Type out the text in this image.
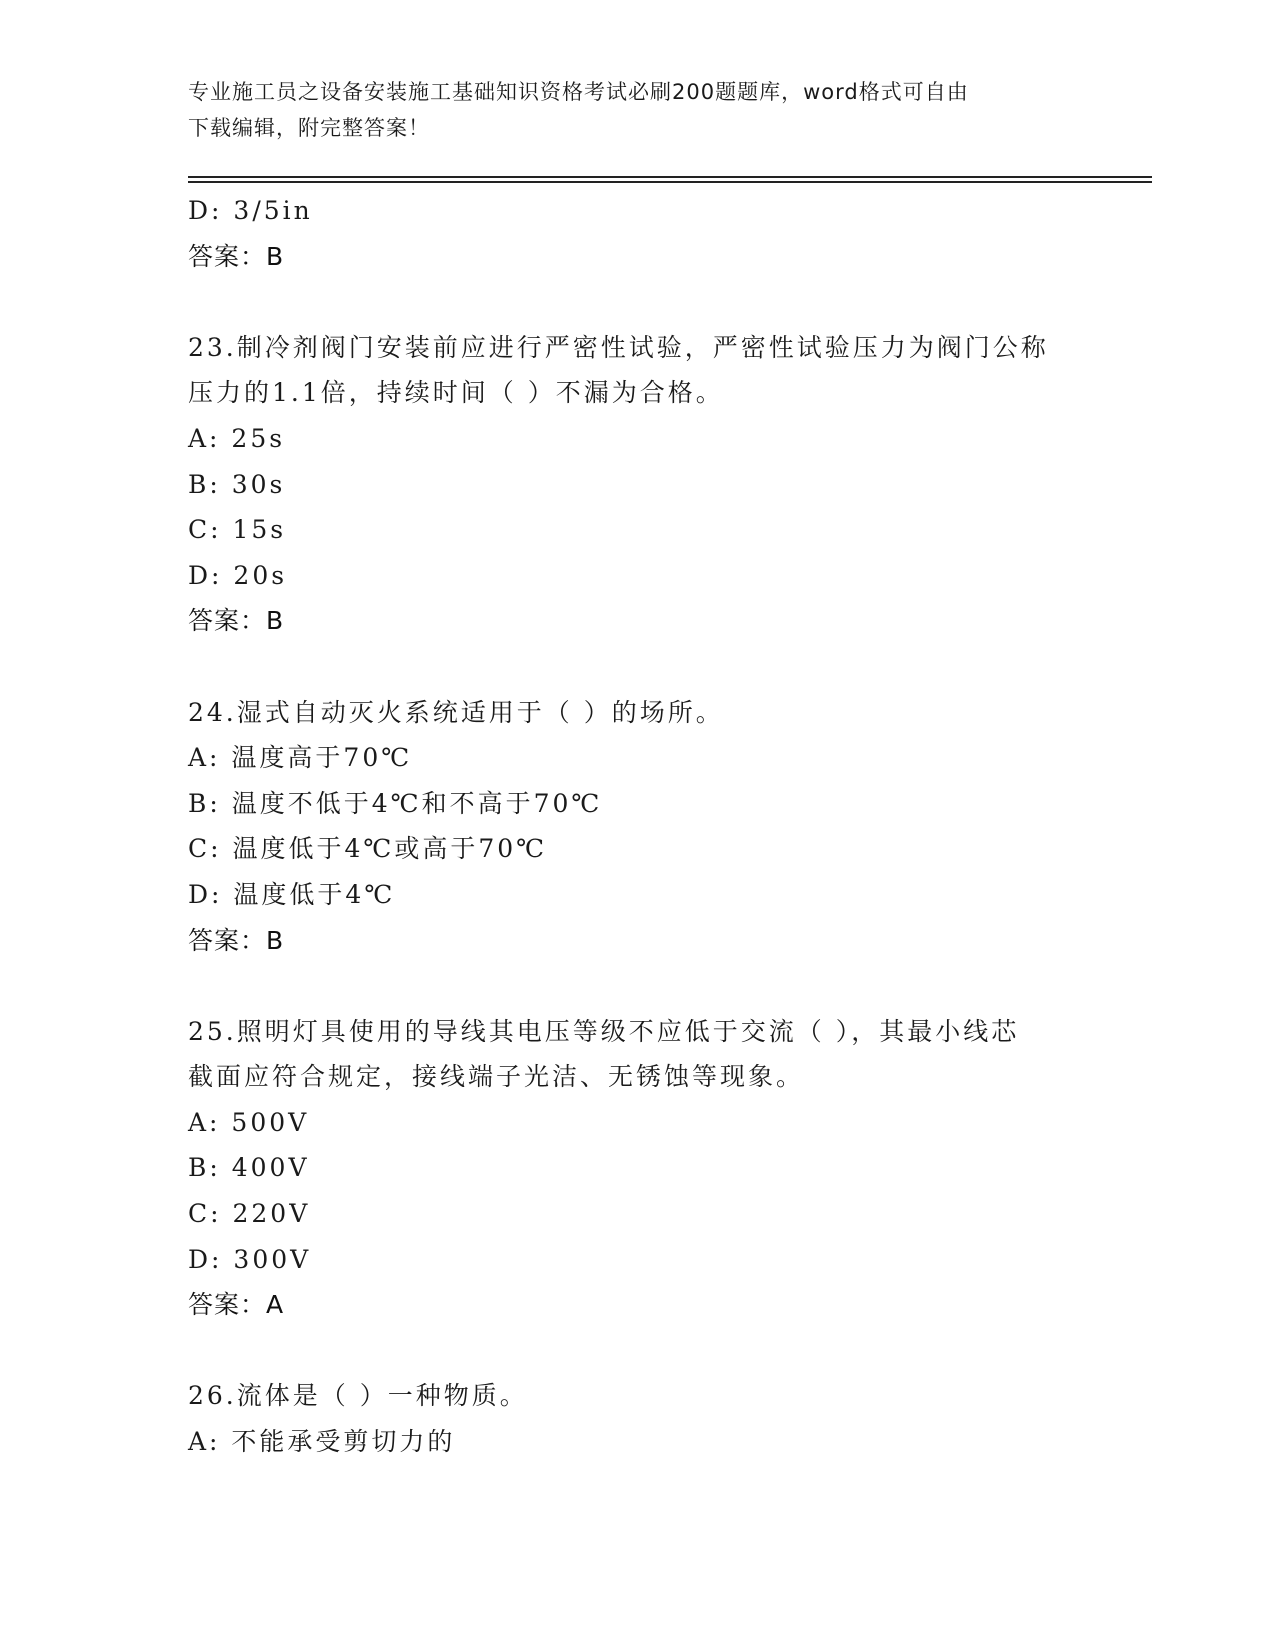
专业施工员之设备安装施工基础知识资格考试必刷200题题库，word格式可自由
下载编辑，附完整答案！
D: 3/5in
答案：B
23.制冷剂阀门安装前应进行严密性试验，严密性试验压力为阀门公称
压力的1.1倍，持续时间（ ）不漏为合格。
A: 25s
B: 30s
C: 15s
D: 20s
答案：B
24.湿式自动灭火系统适用于（ ）的场所。
A: 温度高于70℃
B: 温度不低于4℃和不高于70℃
C: 温度低于4℃或高于70℃
D: 温度低于4℃
答案：B
25.照明灯具使用的导线其电压等级不应低于交流（ ），其最小线芯
截面应符合规定，接线端子光洁、无锈蚀等现象。
A: 500V
B: 400V
C: 220V
D: 300V
答案：A
26.流体是（ ）一种物质。
A: 不能承受剪切力的
